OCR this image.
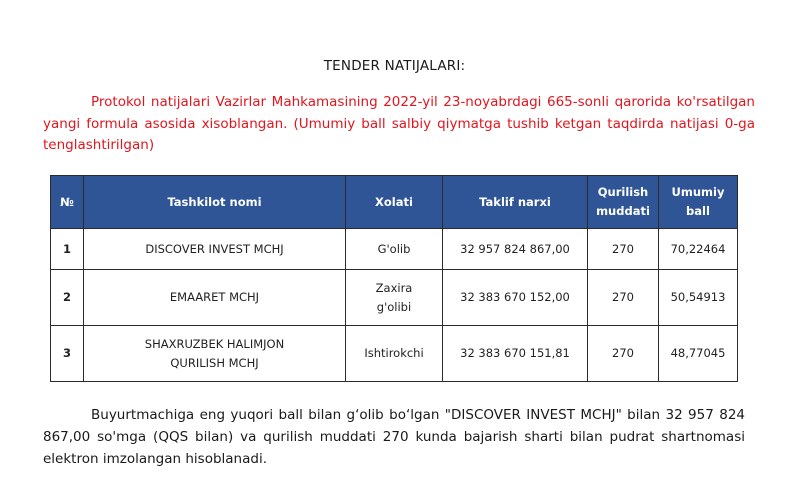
TENDER NATIJALARI:

Protokol natijalari Vazirlar Mahkamasining 2022-yil 23-noyabrdagi 665-sonli qarorida ko'rsatilgan yangi formula asosida xisoblangan. (Umumiy ball salbiy qiymatga tushib ketgan taqdirda natijasi 0-ga tenglashtirilgan)

№	Tashkilot nomi	Xolati	Taklif narxi	Qurilish muddati	Umumiy ball
1	DISCOVER INVEST MCHJ	G'olib	32 957 824 867,00	270	70,22464
2	EMAARET MCHJ	Zaxira g'olibi	32 383 670 152,00	270	50,54913
3	SHAXRUZBEK HALIMJON QURILISH MCHJ	Ishtirokchi	32 383 670 151,81	270	48,77045

Buyurtmachiga eng yuqori ball bilan g‘olib bo‘lgan "DISCOVER INVEST MCHJ" bilan 32 957 824 867,00 so'mga (QQS bilan) va qurilish muddati 270 kunda bajarish sharti bilan pudrat shartnomasi elektron imzolangan hisoblanadi.
